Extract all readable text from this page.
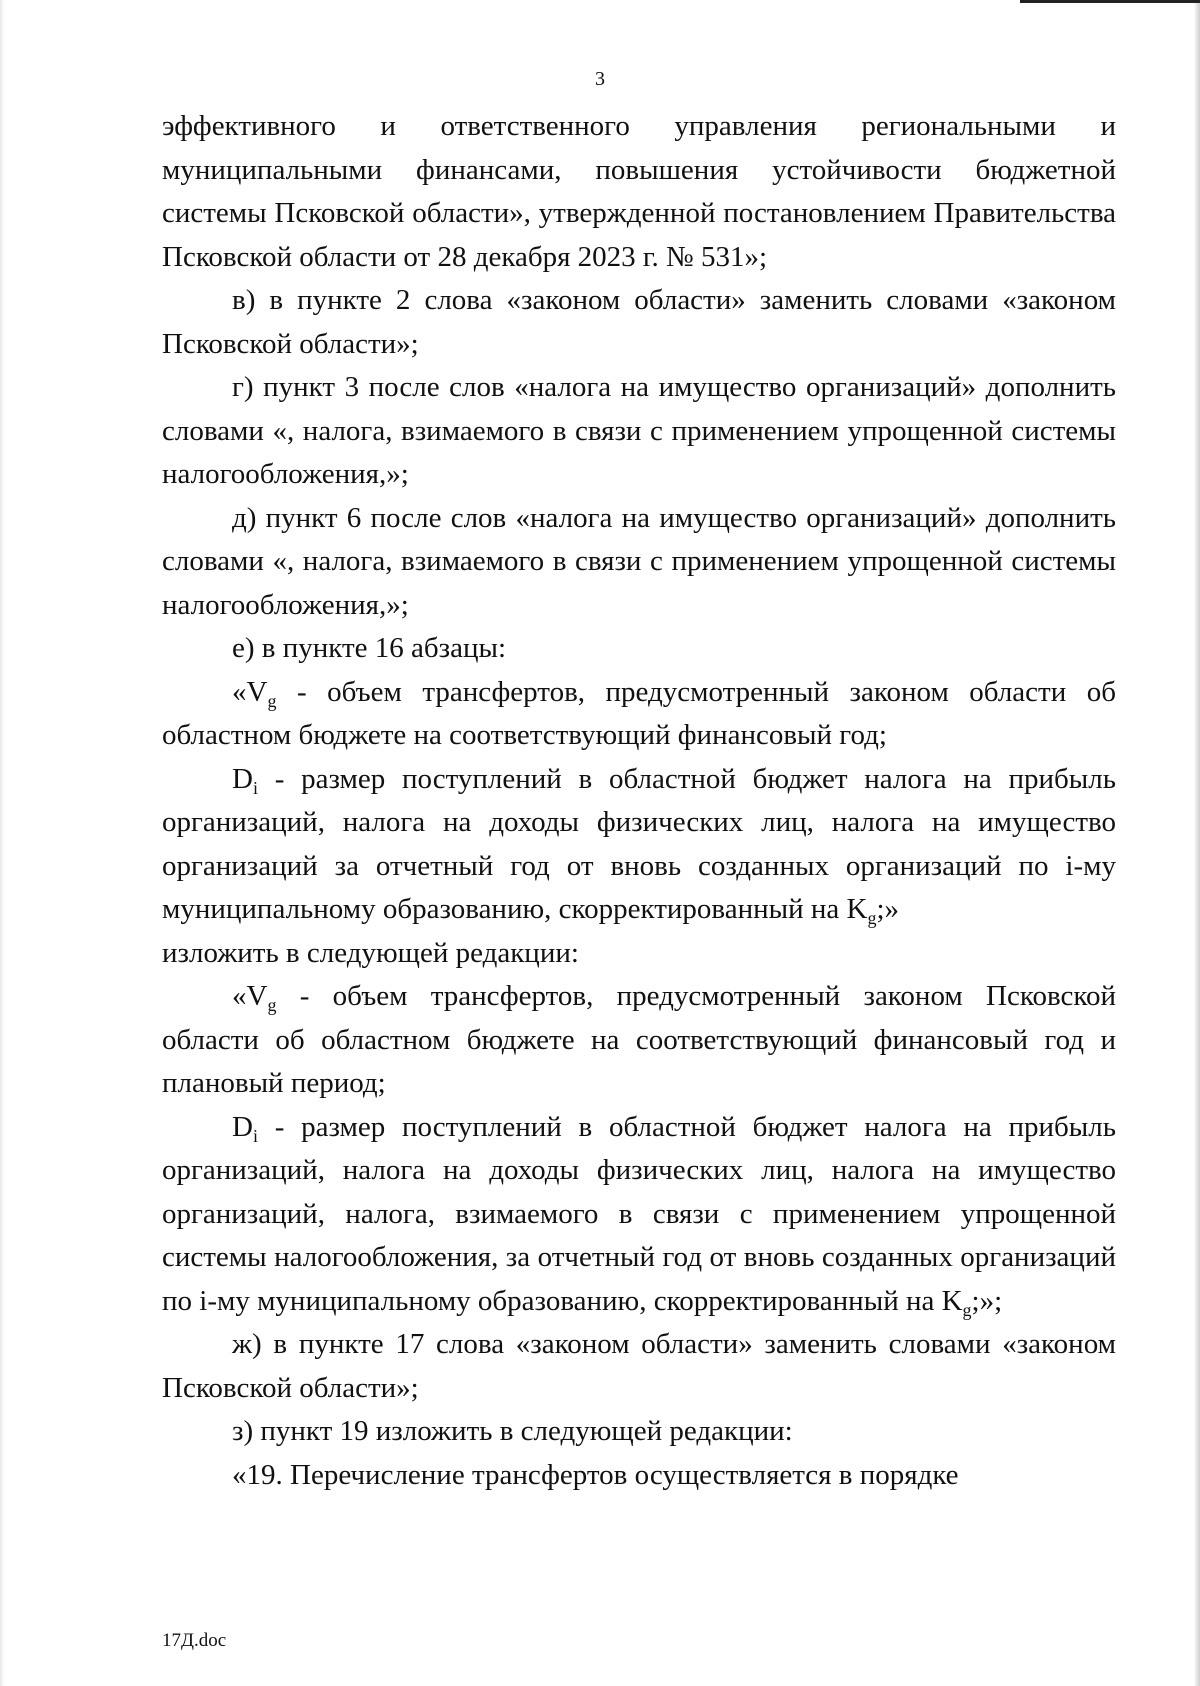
3

эффективного и ответственного управления региональными и муниципальными финансами, повышения устойчивости бюджетной системы Псковской области», утвержденной постановлением Правительства Псковской области от 28 декабря 2023 г. № 531»;

в) в пункте 2 слова «законом области» заменить словами «законом Псковской области»;

г) пункт 3 после слов «налога на имущество организаций» дополнить словами «, налога, взимаемого в связи с применением упрощенной системы налогообложения,»;

д) пункт 6 после слов «налога на имущество организаций» дополнить словами «, налога, взимаемого в связи с применением упрощенной системы налогообложения,»;

е) в пункте 16 абзацы:

«$V_g$ - объем трансфертов, предусмотренный законом области об областном бюджете на соответствующий финансовый год;

$D_i$ - размер поступлений в областной бюджет налога на прибыль организаций, налога на доходы физических лиц, налога на имущество организаций за отчетный год от вновь созданных организаций по i-му муниципальному образованию, скорректированный на $K_g$;»

изложить в следующей редакции:

«$V_g$ - объем трансфертов, предусмотренный законом Псковской области об областном бюджете на соответствующий финансовый год и плановый период;

$D_i$ - размер поступлений в областной бюджет налога на прибыль организаций, налога на доходы физических лиц, налога на имущество организаций, налога, взимаемого в связи с применением упрощенной системы налогообложения, за отчетный год от вновь созданных организаций по i-му муниципальному образованию, скорректированный на $K_g$;»;

ж) в пункте 17 слова «законом области» заменить словами «законом Псковской области»;

з) пункт 19 изложить в следующей редакции:

«19. Перечисление трансфертов осуществляется в порядке

17Д.doc
